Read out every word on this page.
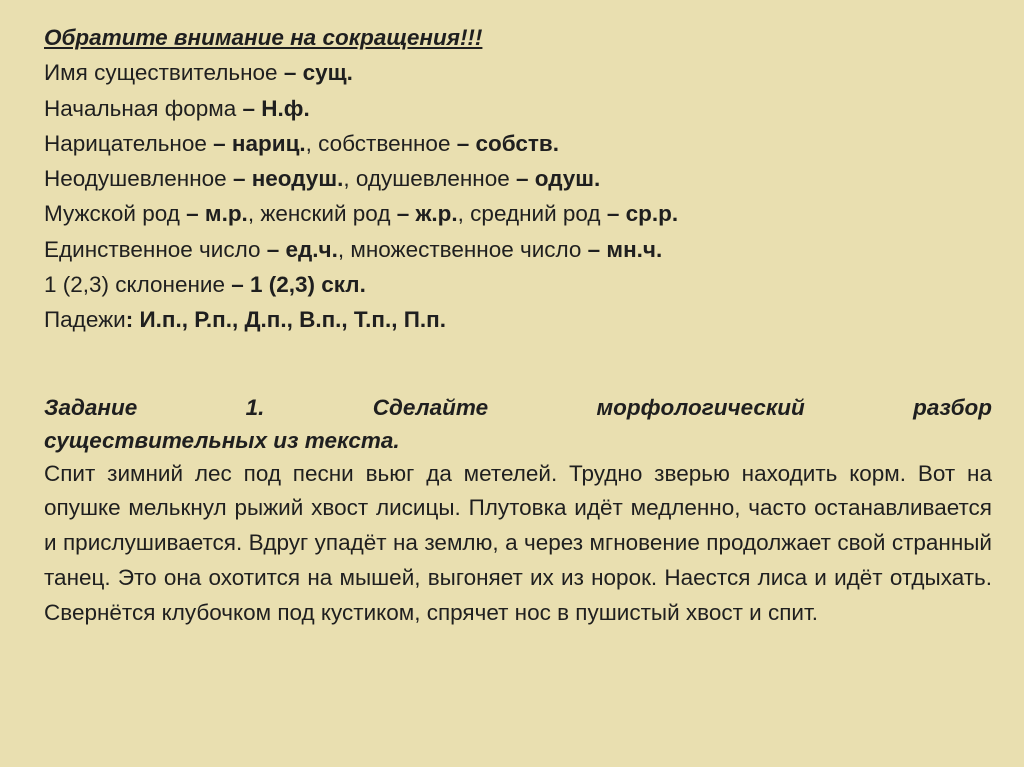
Обратите внимание на сокращения!!!
Имя существительное – сущ.
Начальная форма – Н.ф.
Нарицательное – нариц., собственное – собств.
Неодушевленное – неодуш., одушевленное – одуш.
Мужской род – м.р., женский род – ж.р., средний род – ср.р.
Единственное число – ед.ч., множественное число – мн.ч.
1 (2,3) склонение – 1 (2,3) скл.
Падежи: И.п., Р.п., Д.п., В.п., Т.п., П.п.
Задание	1.	Сделайте	морфологический	разбор
существительных из текста.
Спит зимний лес под песни вьюг да метелей. Трудно зверью находить корм. Вот на опушке мелькнул рыжий хвост лисицы. Плутовка идёт медленно, часто останавливается и прислушивается. Вдруг упадёт на землю, а через мгновение продолжает свой странный танец. Это она охотится на мышей, выгоняет их из норок. Наестся лиса и идёт отдыхать. Свернётся клубочком под кустиком, спрячет нос в пушистый хвост и спит.
